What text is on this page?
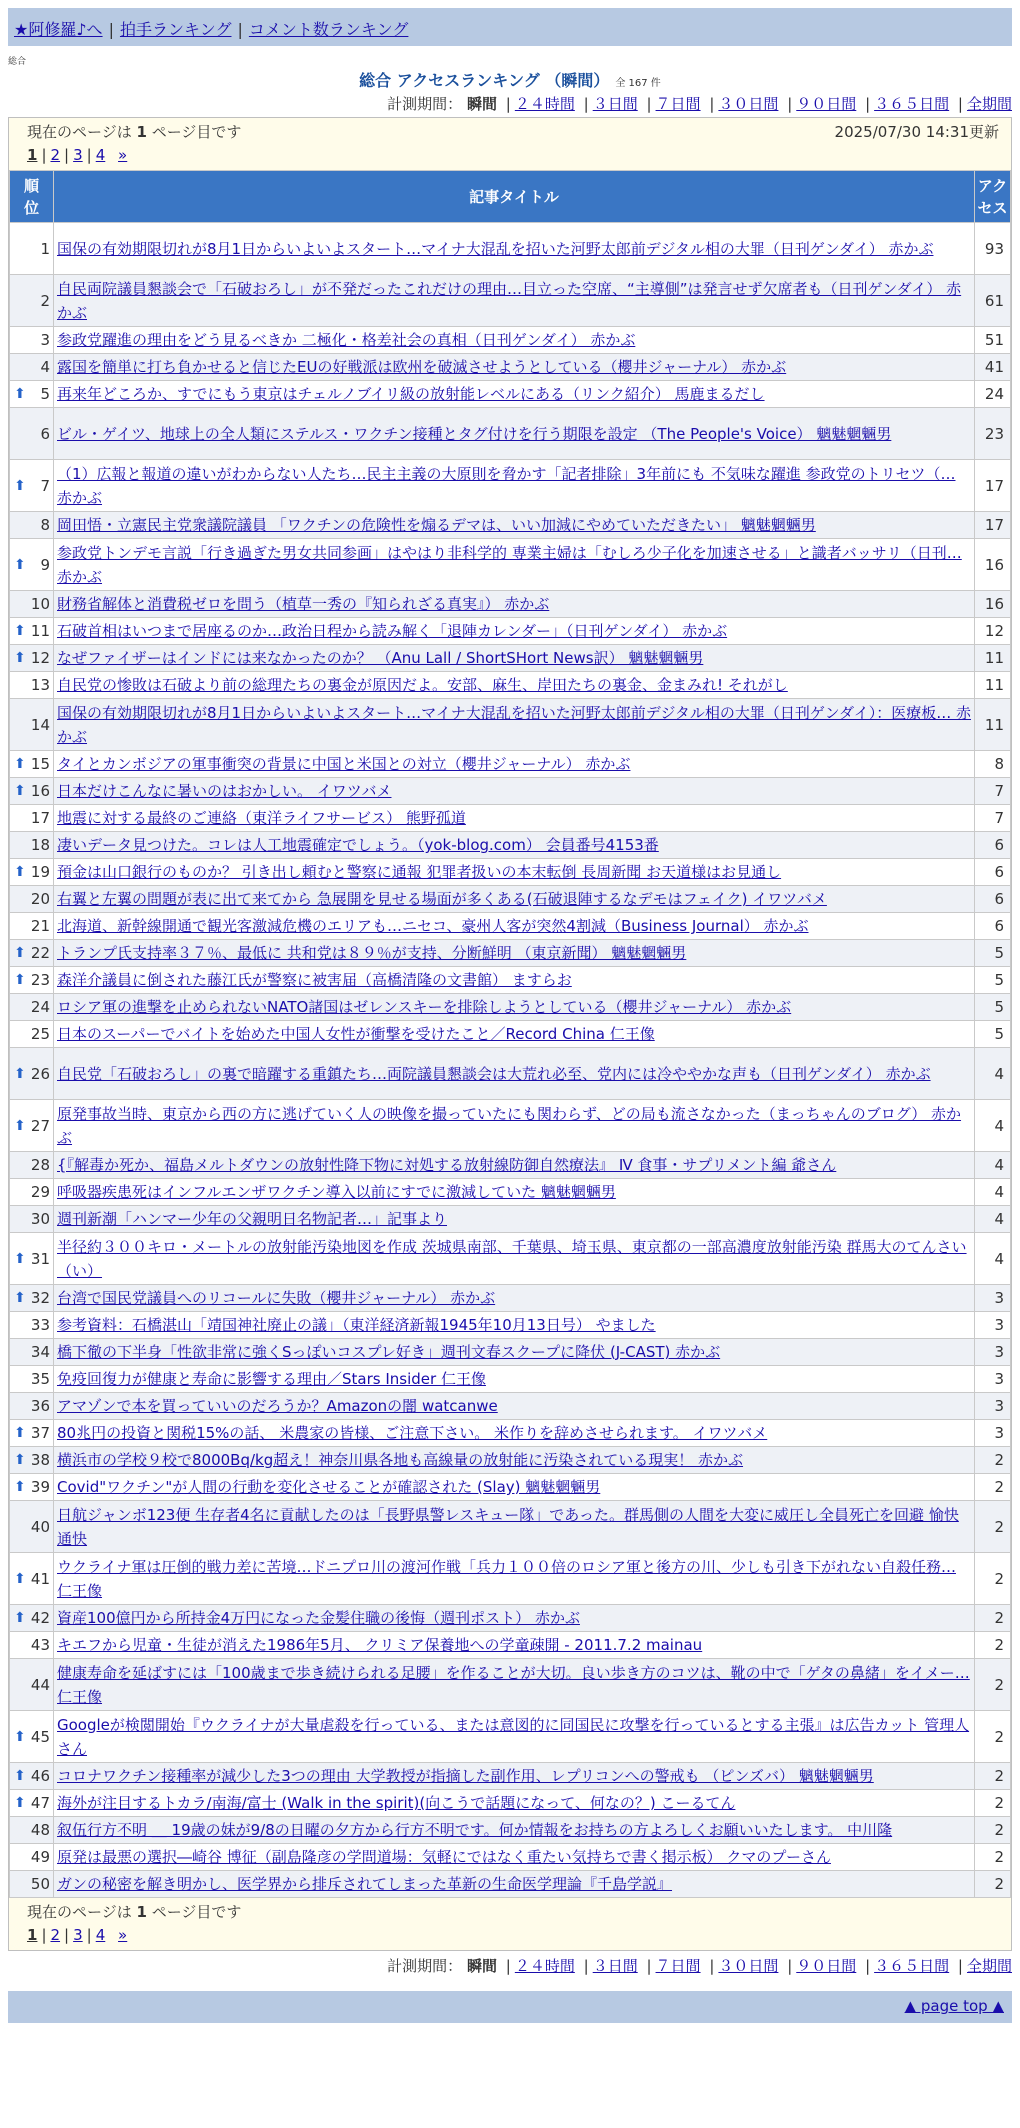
★阿修羅♪へ | 拍手ランキング | コメント数ランキング
総合
総合 アクセスランキング （瞬間） 全 167 件
計測期間： 瞬間 | ２４時間 | ３日間 | ７日間 | ３０日間 | ９０日間 | ３６５日間 | 全期間
現在のページは 1 ページ目です	2025/07/30 14:31更新
1 | 2 | 3 | 4 »
順位	記事タイトル	アクセス
1	国保の有効期限切れが8月1日からいよいよスタート…マイナ大混乱を招いた河野太郎前デジタル相の大罪（日刊ゲンダイ） 赤かぶ	93
2	自民両院議員懇談会で「石破おろし」が不発だったこれだけの理由…目立った空席、“主導側”は発言せず欠席者も（日刊ゲンダイ） 赤かぶ	61
3	参政党躍進の理由をどう見るべきか 二極化・格差社会の真相（日刊ゲンダイ） 赤かぶ	51
4	露国を簡単に打ち負かせると信じたEUの好戦派は欧州を破滅させようとしている（櫻井ジャーナル） 赤かぶ	41

⬆ 5	再来年どころか、すでにもう東京はチェルノブイリ級の放射能レベルにある（リンク紹介） 馬鹿まるだし	24
6	ビル・ゲイツ、地球上の全人類にステルス・ワクチン接種とタグ付けを行う期限を設定 （The People's Voice） 魑魅魍魎男	23

⬆ 7	（1）広報と報道の違いがわからない人たち…民主主義の大原則を脅かす「記者排除」3年前にも 不気味な躍進 参政党のトリセツ（… 赤かぶ	17
8	岡田悟・立憲民主党衆議院議員 「ワクチンの危険性を煽るデマは、いい加減にやめていただきたい」 魑魅魍魎男	17

⬆ 9	参政党トンデモ言説「行き過ぎた男女共同参画」はやはり非科学的 専業主婦は「むしろ少子化を加速させる」と識者バッサリ（日刊… 赤かぶ	16
10	財務省解体と消費税ゼロを問う（植草一秀の『知られざる真実』） 赤かぶ	16

⬆ 11	石破首相はいつまで居座るのか…政治日程から読み解く「退陣カレンダー」（日刊ゲンダイ） 赤かぶ	12

⬆ 12	なぜファイザーはインドには来なかったのか？ （Anu Lall / ShortSHort News訳） 魑魅魍魎男	11
13	自民党の惨敗は石破より前の総理たちの裏金が原因だよ。安部、麻生、岸田たちの裏金、金まみれ! それがし	11
14	国保の有効期限切れが8月1日からいよいよスタート…マイナ大混乱を招いた河野太郎前デジタル相の大罪（日刊ゲンダイ）：医療板… 赤かぶ	11

⬆ 15	タイとカンボジアの軍事衝突の背景に中国と米国との対立（櫻井ジャーナル） 赤かぶ	8

⬆ 16	日本だけこんなに暑いのはおかしい。 イワツバメ	7
17	地震に対する最終のご連絡（東洋ライフサービス） 熊野孤道	7
18	凄いデータ見つけた。コレは人工地震確定でしょう。（yok-blog.com） 会員番号4153番	6

⬆ 19	預金は山口銀行のものか？ 引き出し頼むと警察に通報 犯罪者扱いの本末転倒 長周新聞 お天道様はお見通し	6
20	右翼と左翼の問題が表に出て来てから 急展開を見せる場面が多くある(石破退陣するなデモはフェイク) イワツバメ	6
21	北海道、新幹線開通で観光客激減危機のエリアも…ニセコ、豪州人客が突然4割減（Business Journal） 赤かぶ	6

⬆ 22	トランプ氏支持率３７％、最低に 共和党は８９％が支持、分断鮮明 （東京新聞） 魑魅魍魎男	5

⬆ 23	森洋介議員に倒された藤江氏が警察に被害届（高橋清隆の文書館） ますらお	5
24	ロシア軍の進撃を止められないNATO諸国はゼレンスキーを排除しようとしている（櫻井ジャーナル） 赤かぶ	5
25	日本のスーパーでバイトを始めた中国人女性が衝撃を受けたこと／Record China 仁王像	5

⬆ 26	自民党「石破おろし」の裏で暗躍する重鎮たち…両院議員懇談会は大荒れ必至、党内には冷ややかな声も（日刊ゲンダイ） 赤かぶ	4

⬆ 27	原発事故当時、東京から西の方に逃げていく人の映像を撮っていたにも関わらず、どの局も流さなかった（まっちゃんのブログ） 赤かぶ	4
28	{『解毒か死か、福島メルトダウンの放射性降下物に対処する放射線防御自然療法』 Ⅳ 食事・サプリメント編 爺さん	4
29	呼吸器疾患死はインフルエンザワクチン導入以前にすでに激減していた 魑魅魍魎男	4
30	週刊新潮「ハンマー少年の父親明日名物記者…」記事より	4

⬆ 31	半径約３００キロ・メートルの放射能汚染地図を作成 茨城県南部、千葉県、埼玉県、東京都の一部高濃度放射能汚染 群馬大のてんさい（い）	4

⬆ 32	台湾で国民党議員へのリコールに失敗（櫻井ジャーナル） 赤かぶ	3
33	参考資料：石橋湛山「靖国神社廃止の議」（東洋経済新報1945年10月13日号） やました	3
34	橋下徹の下半身「性欲非常に強くSっぽいコスプレ好き」週刊文春スクープに降伏 (J-CAST) 赤かぶ	3
35	免疫回復力が健康と寿命に影響する理由／Stars Insider 仁王像	3
36	アマゾンで本を買っていいのだろうか？Amazonの闇 watcanwe	3

⬆ 37	80兆円の投資と関税15%の話、 米農家の皆様、ご注意下さい。 米作りを辞めさせられます。 イワツバメ	3

⬆ 38	横浜市の学校９校で8000Bq/kg超え！神奈川県各地も高線量の放射能に汚染されている現実！ 赤かぶ	2

⬆ 39	Covid"ワクチン"が人間の行動を変化させることが確認された (Slay) 魑魅魍魎男	2
40	日航ジャンボ123便 生存者4名に貢献したのは「長野県警レスキュー隊」であった。群馬側の人間を大変に威圧し全員死亡を回避 愉快通快	2

⬆ 41	ウクライナ軍は圧倒的戦力差に苦境…ドニプロ川の渡河作戦「兵力１００倍のロシア軍と後方の川、少しも引き下がれない自殺任務… 仁王像	2

⬆ 42	資産100億円から所持金4万円になった金髪住職の後悔（週刊ポスト） 赤かぶ	2
43	キエフから児童・生徒が消えた1986年5月、 クリミア保養地への学童疎開 - 2011.7.2 mainau	2
44	健康寿命を延ばすには「100歳まで歩き続けられる足腰」を作ることが大切。良い歩き方のコツは、靴の中で「ゲタの鼻緒」をイメー… 仁王像	2

⬆ 45	Googleが検閲開始『ウクライナが大量虐殺を行っている、または意図的に同国民に攻撃を行っているとする主張』は広告カット 管理人さん	2

⬆ 46	コロナワクチン接種率が減少した3つの理由 大学教授が指摘した副作用、レプリコンへの警戒も （ピンズバ） 魑魅魍魎男	2

⬆ 47	海外が注目するトカラ/南海/富士 (Walk in the spirit)(向こうで話題になって、何なの？) こーるてん	2
48	叙伍行方不明 ＿ 19歳の妹が9/8の日曜の夕方から行方不明です。何か情報をお持ちの方よろしくお願いいたします。 中川隆	2
49	原発は最悪の選択―崎谷 博征（副島隆彦の学問道場：気軽にではなく重たい気持ちで書く掲示板） クマのプーさん	2
50	ガンの秘密を解き明かし、医学界から排斥されてしまった革新の生命医学理論『千島学説』	2
現在のページは 1 ページ目です
1 | 2 | 3 | 4 »
計測期間： 瞬間 | ２４時間 | ３日間 | ７日間 | ３０日間 | ９０日間 | ３６５日間 | 全期間
▲ page top ▲
